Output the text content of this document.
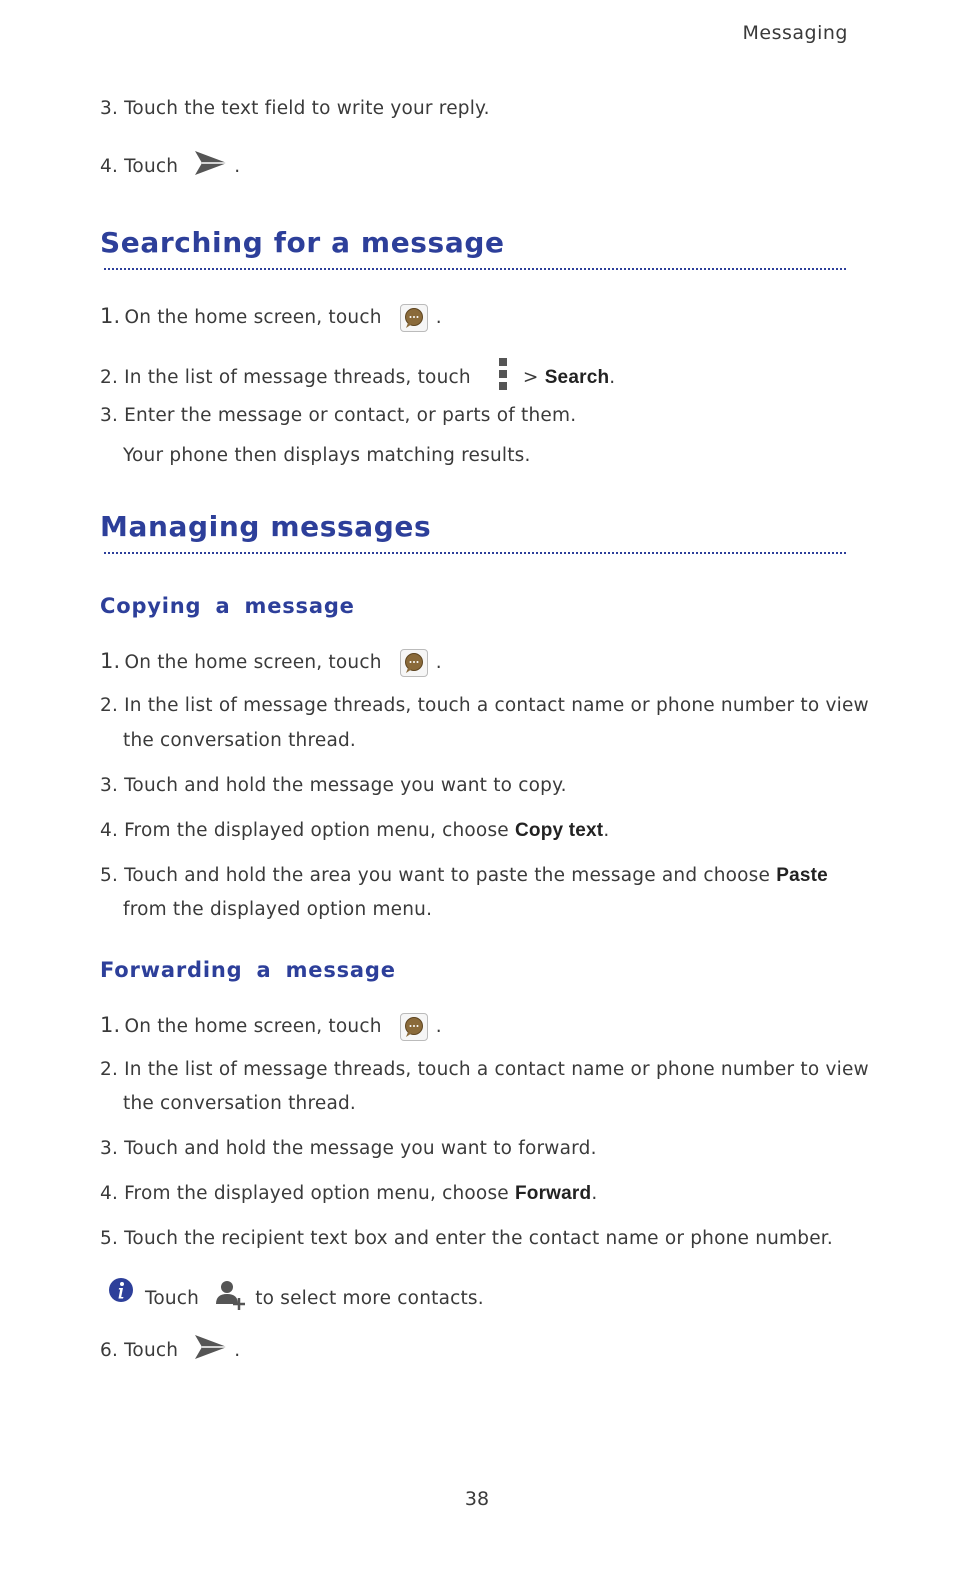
Messaging
3. Touch the text field to write your reply.
4. Touch	.
Searching for a message
1. On the home screen, touch	.
2. In the list of message threads, touch	> Search.
3. Enter the message or contact, or parts of them.
Your phone then displays matching results.
Managing messages
Copying a message
1. On the home screen, touch	.
2. In the list of message threads, touch a contact name or phone number to view
the conversation thread.
3. Touch and hold the message you want to copy.
4. From the displayed option menu, choose Copy text.
5. Touch and hold the area you want to paste the message and choose Paste
from the displayed option menu.
Forwarding a message
1. On the home screen, touch	.
2. In the list of message threads, touch a contact name or phone number to view
the conversation thread.
3. Touch and hold the message you want to forward.
4. From the displayed option menu, choose Forward.
5. Touch the recipient text box and enter the contact name or phone number.
Touch	to select more contacts.
6. Touch	.
38
